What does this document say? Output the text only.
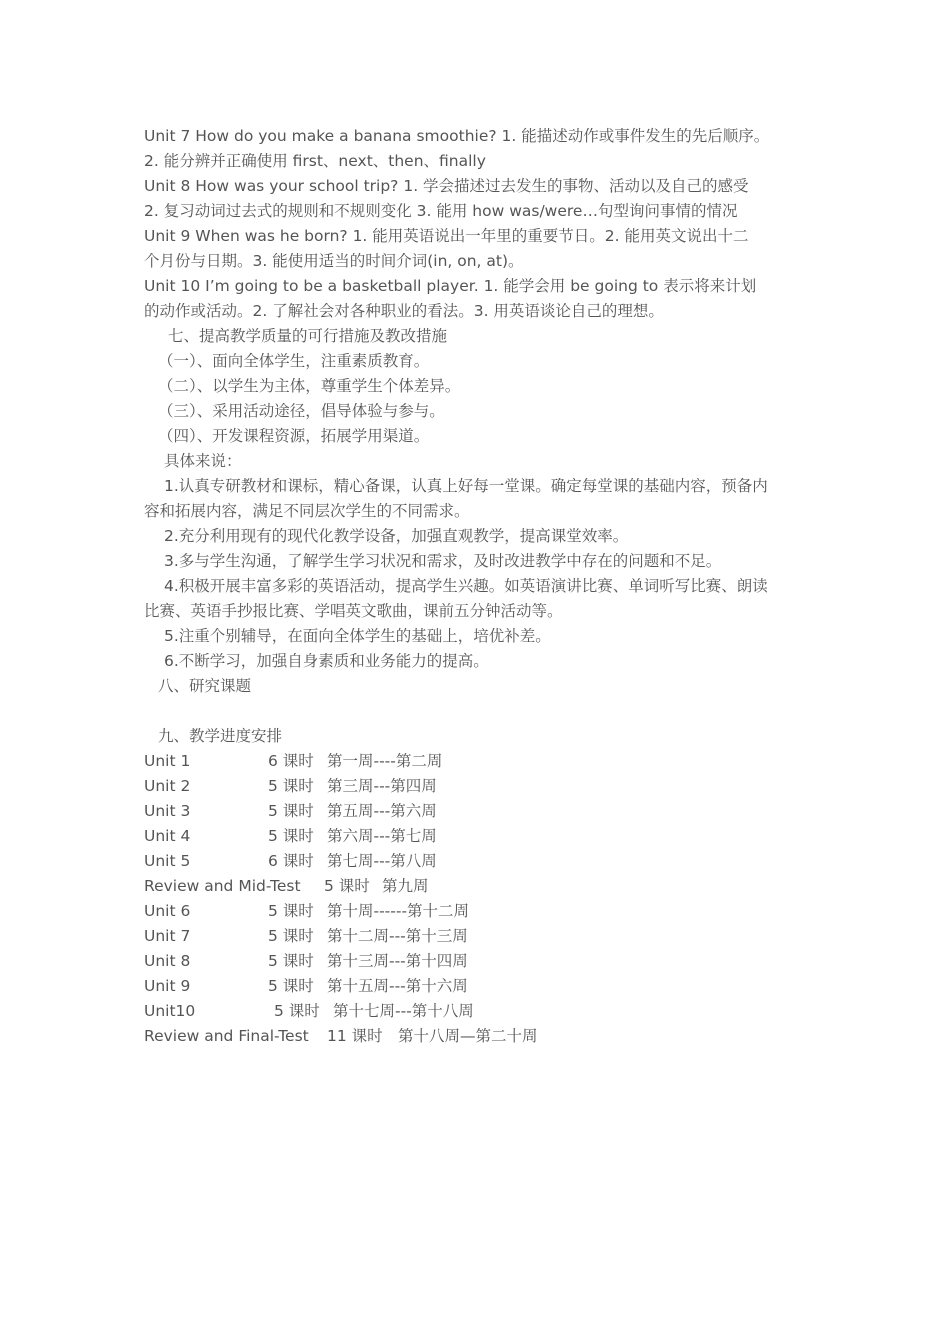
Unit 7 How do you make a banana smoothie? 1. 能描述动作或事件发生的先后顺序。
2. 能分辨并正确使用 first、next、then、finally
Unit 8 How was your school trip? 1. 学会描述过去发生的事物、活动以及自己的感受
2. 复习动词过去式的规则和不规则变化 3. 能用 how was/were…句型询问事情的情况
Unit 9 When was he born? 1. 能用英语说出一年里的重要节日。2. 能用英文说出十二
个月份与日期。3. 能使用适当的时间介词(in, on, at)。
Unit 10 I’m going to be a basketball player. 1. 能学会用 be going to 表示将来计划
的动作或活动。2. 了解社会对各种职业的看法。3. 用英语谈论自己的理想。
七、提高教学质量的可行措施及教改措施
（一）、面向全体学生，注重素质教育。
（二）、以学生为主体，尊重学生个体差异。
（三）、采用活动途径，倡导体验与参与。
（四）、开发课程资源，拓展学用渠道。
具体来说：
1.认真专研教材和课标，精心备课，认真上好每一堂课。确定每堂课的基础内容，预备内
容和拓展内容，满足不同层次学生的不同需求。
2.充分利用现有的现代化教学设备，加强直观教学，提高课堂效率。
3.多与学生沟通，了解学生学习状况和需求，及时改进教学中存在的问题和不足。
4.积极开展丰富多彩的英语活动，提高学生兴趣。如英语演讲比赛、单词听写比赛、朗读
比赛、英语手抄报比赛、学唱英文歌曲，课前五分钟活动等。
5.注重个别辅导，在面向全体学生的基础上，培优补差。
6.不断学习，加强自身素质和业务能力的提高。
八、研究课题
九、教学进度安排
Unit 1	6 课时 第一周----第二周
Unit 2	5 课时 第三周---第四周
Unit 3	5 课时 第五周---第六周
Unit 4	5 课时 第六周---第七周
Unit 5	6 课时 第七周---第八周
Review and Mid-Test 5 课时 第九周
Unit 6	5 课时 第十周------第十二周
Unit 7	5 课时 第十二周---第十三周
Unit 8	5 课时 第十三周---第十四周
Unit 9	5 课时 第十五周---第十六周
Unit10	5 课时 第十七周---第十八周
Review and Final-Test 11 课时 第十八周—第二十周
